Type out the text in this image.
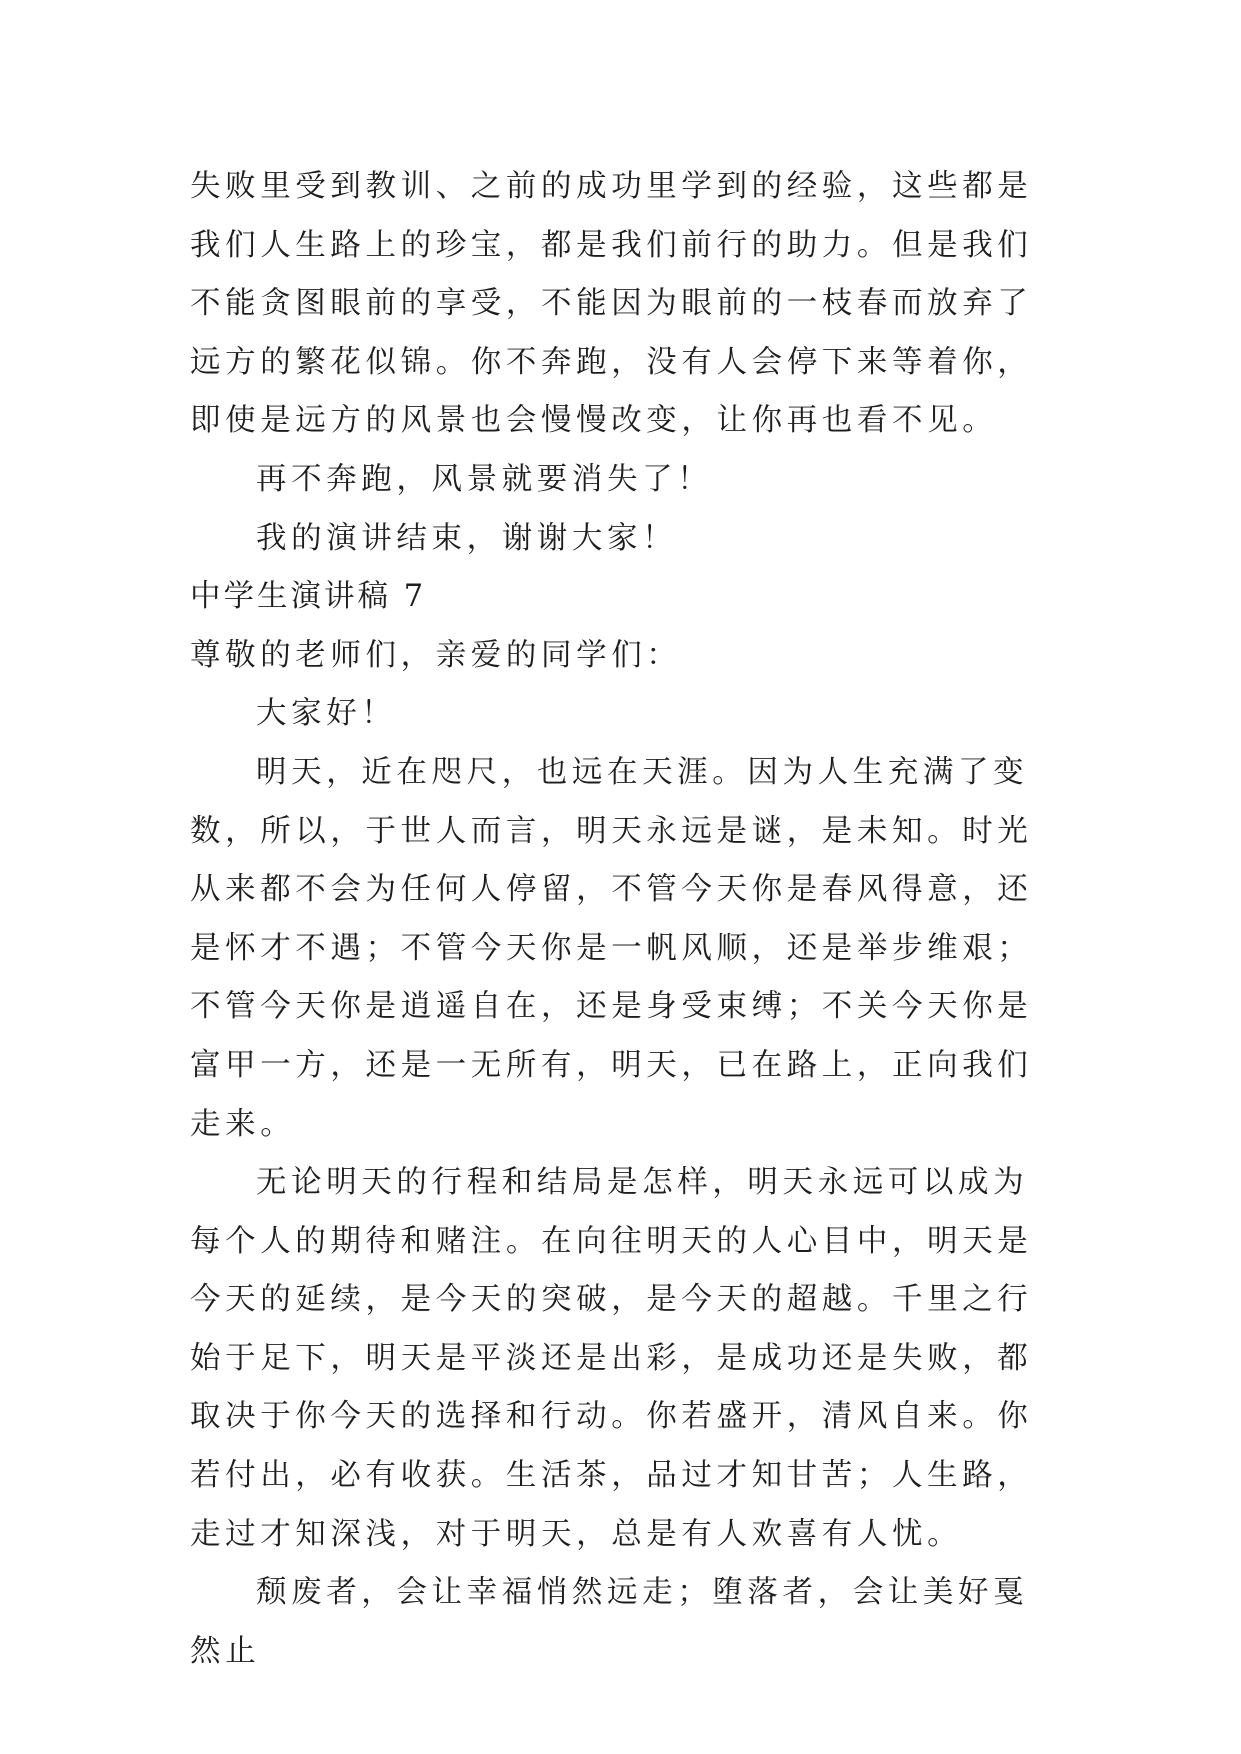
失败里受到教训、之前的成功里学到的经验，这些都是我们人生路上的珍宝，都是我们前行的助力。但是我们不能贪图眼前的享受，不能因为眼前的一枝春而放弃了远方的繁花似锦。你不奔跑，没有人会停下来等着你，即使是远方的风景也会慢慢改变，让你再也看不见。

再不奔跑，风景就要消失了！

我的演讲结束，谢谢大家！

中学生演讲稿 7

尊敬的老师们，亲爱的同学们：

大家好！

明天，近在咫尺，也远在天涯。因为人生充满了变数，所以，于世人而言，明天永远是谜，是未知。时光从来都不会为任何人停留，不管今天你是春风得意，还是怀才不遇；不管今天你是一帆风顺，还是举步维艰；不管今天你是逍遥自在，还是身受束缚；不关今天你是富甲一方，还是一无所有，明天，已在路上，正向我们走来。

无论明天的行程和结局是怎样，明天永远可以成为每个人的期待和赌注。在向往明天的人心目中，明天是今天的延续，是今天的突破，是今天的超越。千里之行始于足下，明天是平淡还是出彩，是成功还是失败，都取决于你今天的选择和行动。你若盛开，清风自来。你若付出，必有收获。生活茶，品过才知甘苦；人生路，走过才知深浅，对于明天，总是有人欢喜有人忧。

颓废者，会让幸福悄然远走；堕落者，会让美好戛然止
